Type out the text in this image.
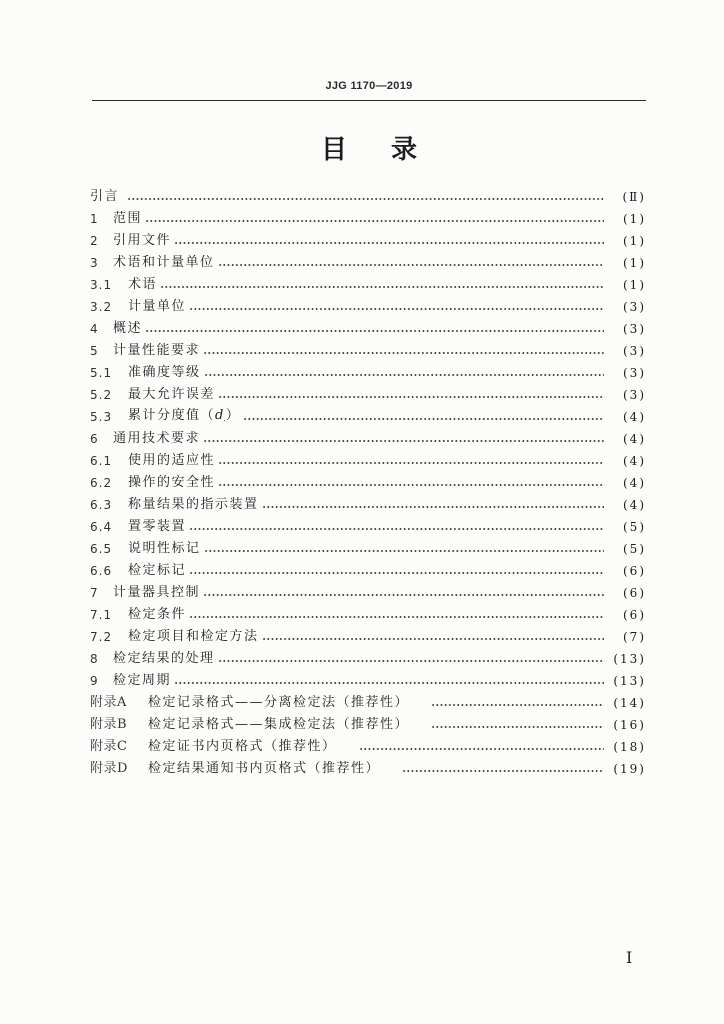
JJG 1170—2019
目录
引言	(Ⅱ)
1	范围	(1)
2	引用文件	(1)
3	术语和计量单位	(1)
3.1	术语	(1)
3.2	计量单位	(3)
4	概述	(3)
5	计量性能要求	(3)
5.1	准确度等级	(3)
5.2	最大允许误差	(3)
5.3	累计分度值$(d_.)$	(4)
6	通用技术要求	(4)
6.1	使用的适应性	(4)
6.2	操作的安全性	(4)
6.3	称量结果的指示装置	(4)
6.4	置零装置	(5)
6.5	说明性标记	(5)
6.6	检定标记	(6)
7	计量器具控制	(6)
7.1	检定条件	(6)
7.2	检定项目和检定方法	(7)
8	检定结果的处理	(13)
9	检定周期	(13)
附录A	检定记录格式——分离检定法（推荐性）	(14)
附录B	检定记录格式——集成检定法（推荐性）	(16)
附录C	检定证书内页格式（推荐性）	(18)
附录D	检定结果通知书内页格式（推荐性）	(19)
I
